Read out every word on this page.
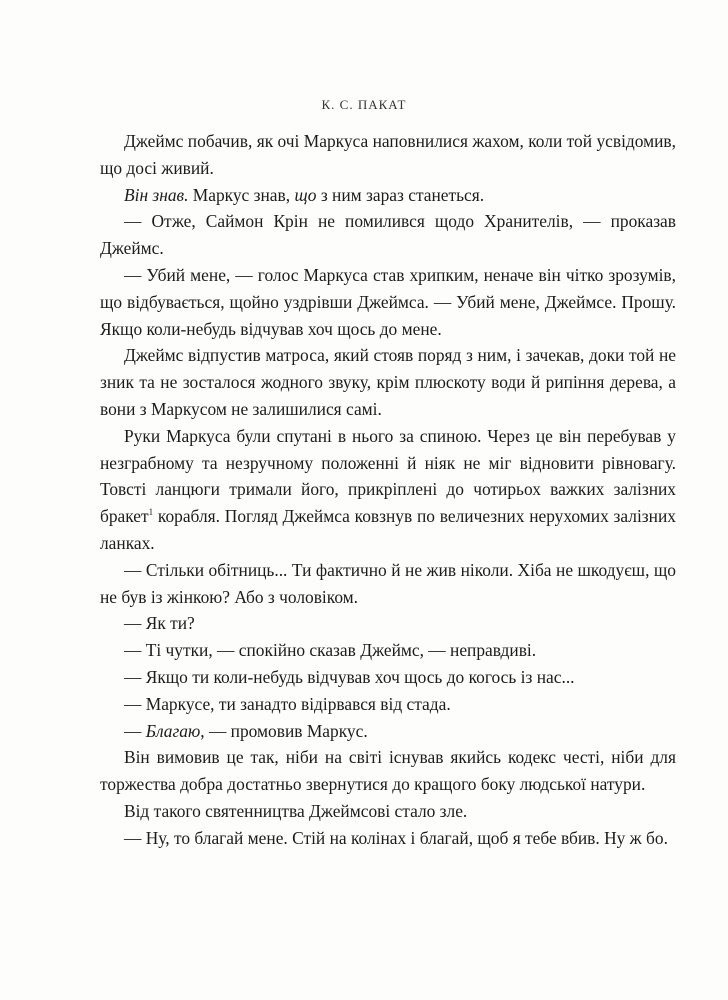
К. С. ПАКАТ

Джеймс побачив, як очі Маркуса наповнилися жахом, коли той усвідомив, що досі живий.

Він знав. Маркус знав, що з ним зараз станеться.

— Отже, Саймон Крін не помилився щодо Хранителів, — проказав Джеймс.

— Убий мене, — голос Маркуса став хрипким, неначе він чітко зрозумів, що відбувається, щойно уздрівши Джеймса. — Убий мене, Джеймсе. Прошу. Якщо коли-небудь відчував хоч щось до мене.

Джеймс відпустив матроса, який стояв поряд з ним, і зачекав, доки той не зник та не зосталося жодного звуку, крім плюскоту води й рипіння дерева, а вони з Маркусом не залишилися самі.

Руки Маркуса були спутані в нього за спиною. Через це він перебував у незграбному та незручному положенні й ніяк не міг відновити рівновагу. Товсті ланцюги тримали його, прикріплені до чотирьох важких залізних бракет$^1$ корабля. Погляд Джеймса ковзнув по величезних нерухомих залізних ланках.

— Стільки обітниць... Ти фактично й не жив ніколи. Хіба не шкодуєш, що не був із жінкою? Або з чоловіком.

— Як ти?

— Ті чутки, — спокійно сказав Джеймс, — неправдиві.

— Якщо ти коли-небудь відчував хоч щось до когось із нас...

— Маркусе, ти занадто відірвався від стада.

— Благаю, — промовив Маркус.

Він вимовив це так, ніби на світі існував якийсь кодекс честі, ніби для торжества добра достатньо звернутися до кращого боку людської натури.

Від такого святенництва Джеймсові стало зле.

— Ну, то благай мене. Стій на колінах і благай, щоб я тебе вбив. Ну ж бо.
